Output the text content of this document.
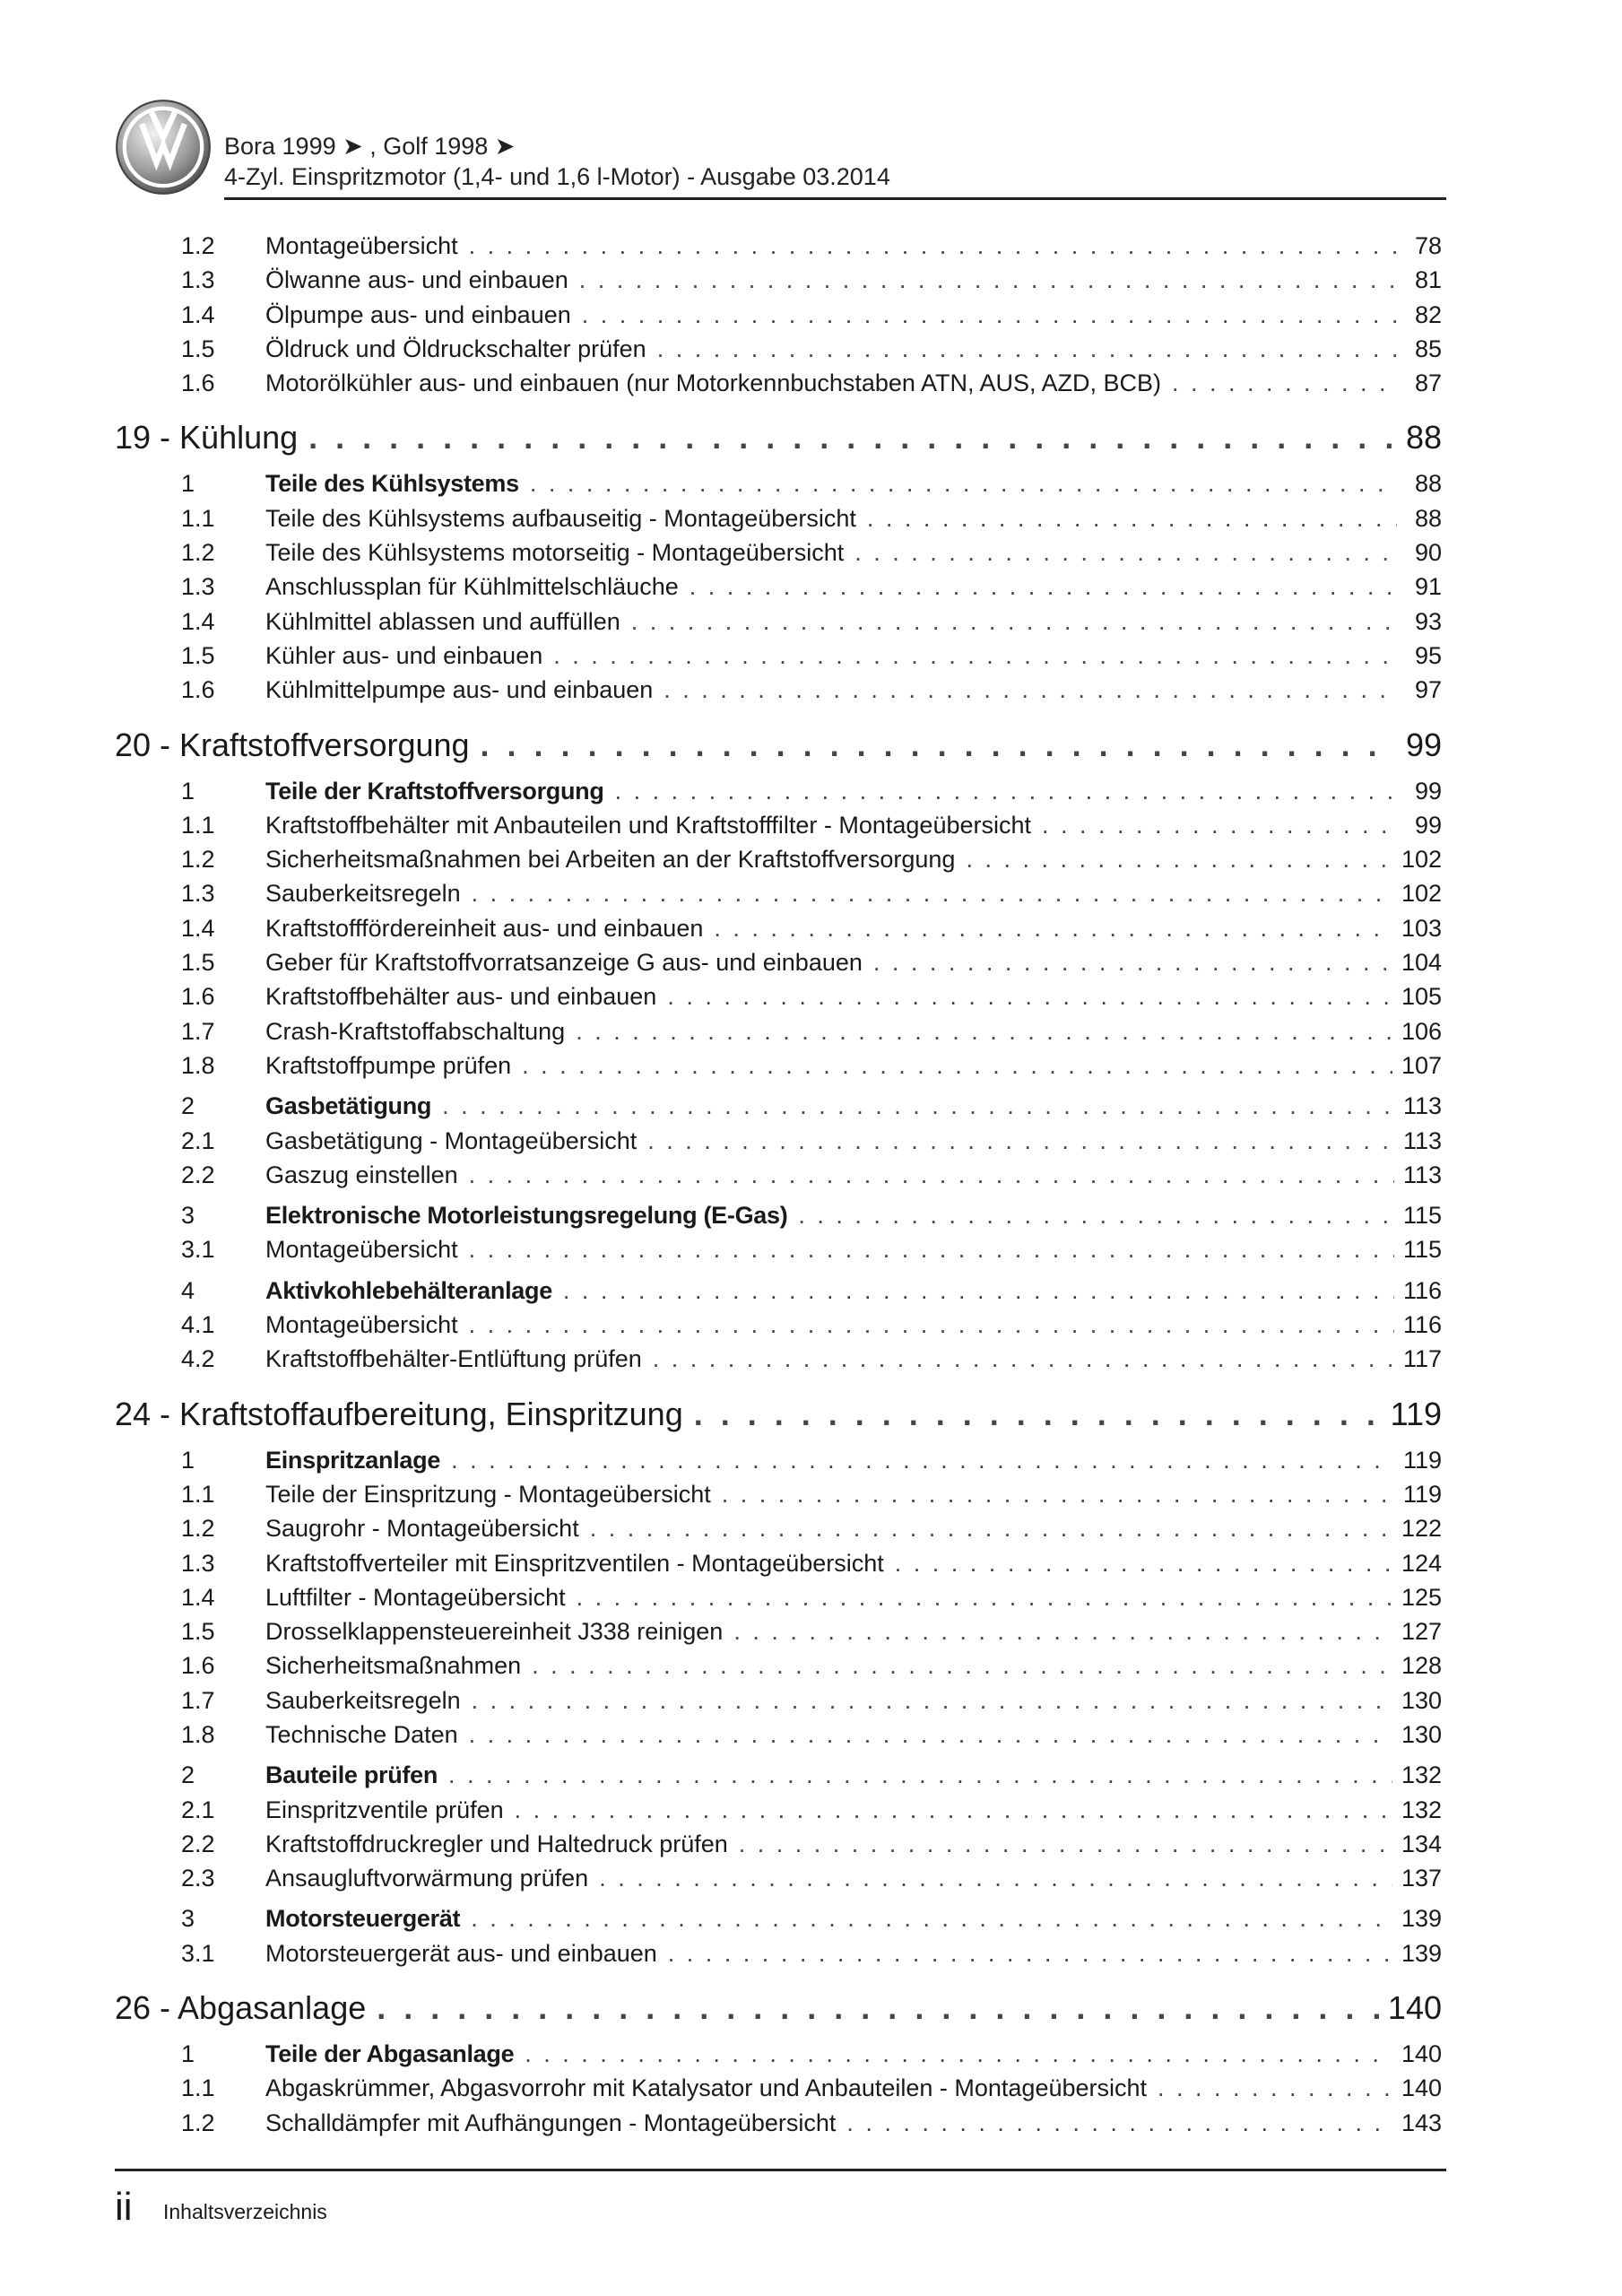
Bora 1999 ➤ , Golf 1998 ➤
4-Zyl. Einspritzmotor (1,4- und 1,6 l-Motor) - Ausgabe 03.2014
1.2	Montageübersicht . . .	78
1.3	Ölwanne aus- und einbauen . . .	81
1.4	Ölpumpe aus- und einbauen . . .	82
1.5	Öldruck und Öldruckschalter prüfen . . .	85
1.6	Motorölkühler aus- und einbauen (nur Motorkennbuchstaben ATN, AUS, AZD, BCB) . . .	87
19 - Kühlung . . .	88
1	Teile des Kühlsystems . . .	88
1.1	Teile des Kühlsystems aufbauseitig - Montageübersicht . . .	88
1.2	Teile des Kühlsystems motorseitig - Montageübersicht . . .	90
1.3	Anschlussplan für Kühlmittelschläuche . . .	91
1.4	Kühlmittel ablassen und auffüllen . . .	93
1.5	Kühler aus- und einbauen . . .	95
1.6	Kühlmittelpumpe aus- und einbauen . . .	97
20 - Kraftstoffversorgung . . .	99
1	Teile der Kraftstoffversorgung . . .	99
1.1	Kraftstoffbehälter mit Anbauteilen und Kraftstofffilter - Montageübersicht . . .	99
1.2	Sicherheitsmaßnahmen bei Arbeiten an der Kraftstoffversorgung . . .	102
1.3	Sauberkeitsregeln . . .	102
1.4	Kraftstofffördereinheit aus- und einbauen . . .	103
1.5	Geber für Kraftstoffvorratsanzeige G aus- und einbauen . . .	104
1.6	Kraftstoffbehälter aus- und einbauen . . .	105
1.7	Crash-Kraftstoffabschaltung . . .	106
1.8	Kraftstoffpumpe prüfen . . .	107
2	Gasbetätigung . . .	113
2.1	Gasbetätigung - Montageübersicht . . .	113
2.2	Gaszug einstellen . . .	113
3	Elektronische Motorleistungsregelung (E-Gas) . . .	115
3.1	Montageübersicht . . .	115
4	Aktivkohlebehälteranlage . . .	116
4.1	Montageübersicht . . .	116
4.2	Kraftstoffbehälter-Entlüftung prüfen . . .	117
24 - Kraftstoffaufbereitung, Einspritzung . . .	119
1	Einspritzanlage . . .	119
1.1	Teile der Einspritzung - Montageübersicht . . .	119
1.2	Saugrohr - Montageübersicht . . .	122
1.3	Kraftstoffverteiler mit Einspritzventilen - Montageübersicht . . .	124
1.4	Luftfilter - Montageübersicht . . .	125
1.5	Drosselklappensteuereinheit J338 reinigen . . .	127
1.6	Sicherheitsmaßnahmen . . .	128
1.7	Sauberkeitsregeln . . .	130
1.8	Technische Daten . . .	130
2	Bauteile prüfen . . .	132
2.1	Einspritzventile prüfen . . .	132
2.2	Kraftstoffdruckregler und Haltedruck prüfen . . .	134
2.3	Ansaugluftvorwärmung prüfen . . .	137
3	Motorsteuergerät . . .	139
3.1	Motorsteuergerät aus- und einbauen . . .	139
26 - Abgasanlage . . .	140
1	Teile der Abgasanlage . . .	140
1.1	Abgaskrümmer, Abgasvorrohr mit Katalysator und Anbauteilen - Montageübersicht . . .	140
1.2	Schalldämpfer mit Aufhängungen - Montageübersicht . . .	143
ii Inhaltsverzeichnis
